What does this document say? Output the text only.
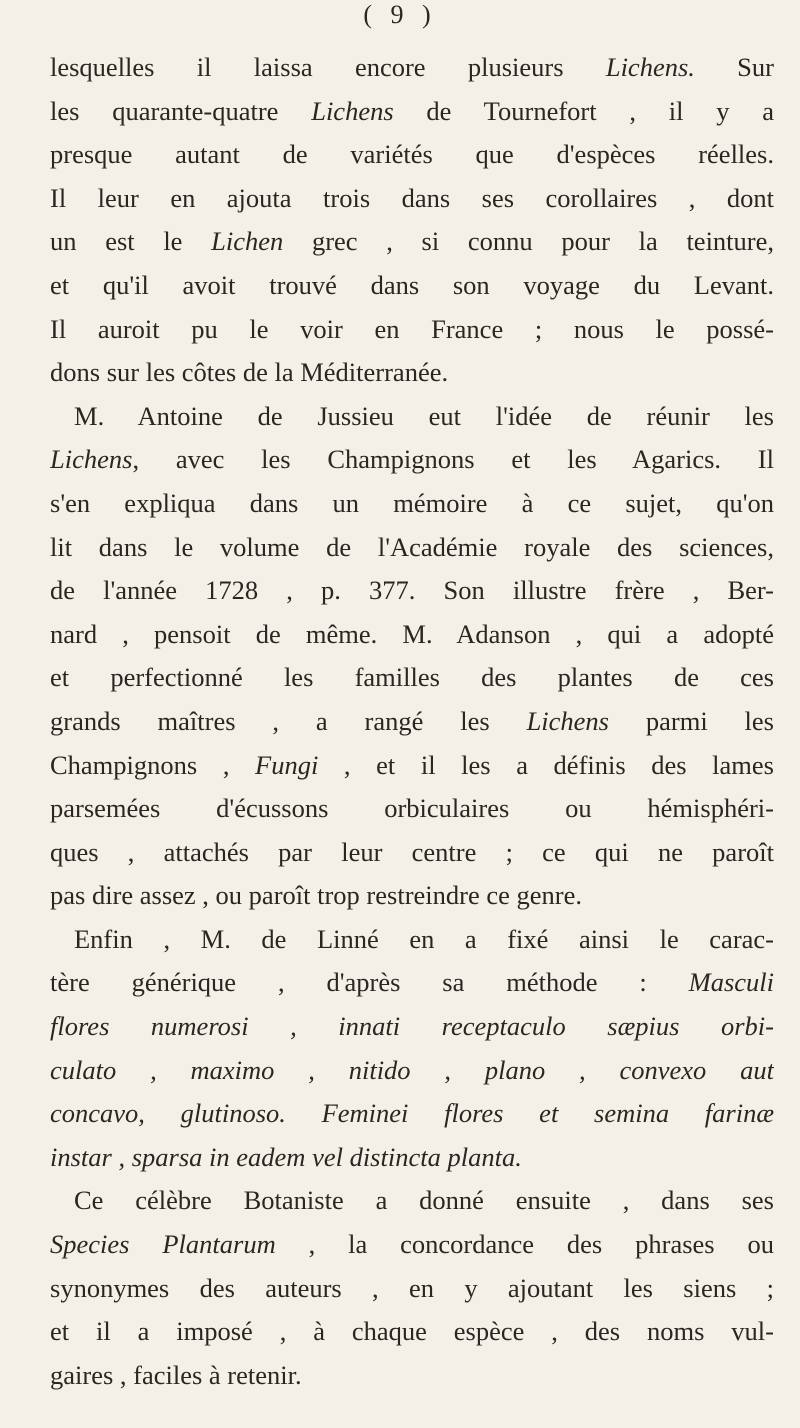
( 9 )
lesquelles il laissa encore plusieurs Lichens. Sur
les quarante-quatre Lichens de Tournefort , il y a
presque autant de variétés que d'espèces réelles.
Il leur en ajouta trois dans ses corollaires , dont
un est le Lichen grec , si connu pour la teinture,
et qu'il avoit trouvé dans son voyage du Levant.
Il auroit pu le voir en France ; nous le possé-
dons sur les côtes de la Méditerranée.
M. Antoine de Jussieu eut l'idée de réunir les
Lichens, avec les Champignons et les Agarics. Il
s'en expliqua dans un mémoire à ce sujet, qu'on
lit dans le volume de l'Académie royale des sciences,
de l'année 1728 , p. 377. Son illustre frère , Ber-
nard , pensoit de même. M. Adanson , qui a adopté
et perfectionné les familles des plantes de ces
grands maîtres , a rangé les Lichens parmi les
Champignons , Fungi , et il les a définis des lames
parsemées d'écussons orbiculaires ou hémisphéri-
ques , attachés par leur centre ; ce qui ne paroît
pas dire assez , ou paroît trop restreindre ce genre.
Enfin , M. de Linné en a fixé ainsi le carac-
tère générique , d'après sa méthode : Masculi
flores numerosi , innati receptaculo sæpius orbi-
culato , maximo , nitido , plano , convexo aut
concavo, glutinoso. Feminei flores et semina farinæ
instar , sparsa in eadem vel distincta planta.
Ce célèbre Botaniste a donné ensuite , dans ses
Species Plantarum , la concordance des phrases ou
synonymes des auteurs , en y ajoutant les siens ;
et il a imposé , à chaque espèce , des noms vul-
gaires , faciles à retenir.
